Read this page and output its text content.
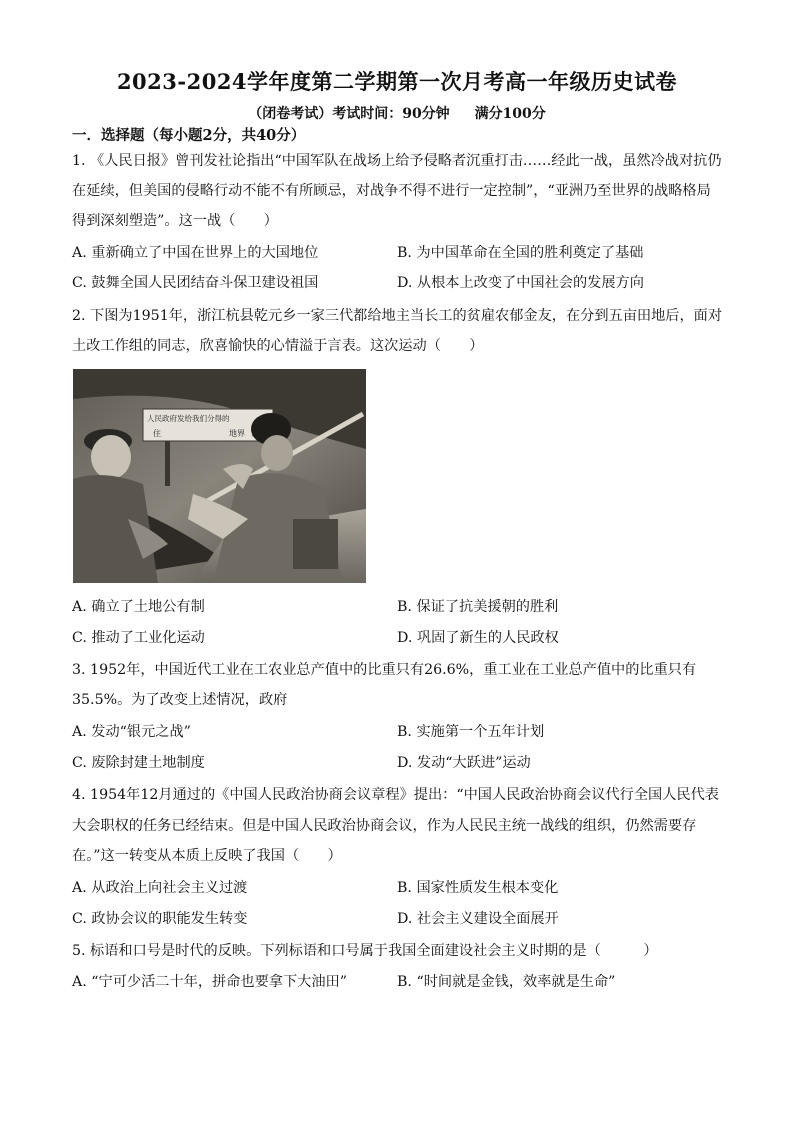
2023-2024学年度第二学期第一次月考高一年级历史试卷
（闭卷考试）考试时间：90分钟 满分100分
一．选择题（每小题2分，共40分）
1. 《人民日报》曾刊发社论指出“中国军队在战场上给予侵略者沉重打击……经此一战，虽然冷战对抗仍
在延续，但美国的侵略行动不能不有所顾忌，对战争不得不进行一定控制”，“亚洲乃至世界的战略格局
得到深刻塑造”。这一战（　　）
A. 重新确立了中国在世界上的大国地位	B. 为中国革命在全国的胜利奠定了基础
C. 鼓舞全国人民团结奋斗保卫建设祖国	D. 从根本上改变了中国社会的发展方向
2. 下图为1951年，浙江杭县乾元乡一家三代都给地主当长工的贫雇农郁金友，在分到五亩田地后，面对
土改工作组的同志，欣喜愉快的心情溢于言表。这次运动（　　）
人民政府发给我们分得的
住	地界
A. 确立了土地公有制	B. 保证了抗美援朝的胜利
C. 推动了工业化运动	D. 巩固了新生的人民政权
3. 1952年，中国近代工业在工农业总产值中的比重只有26.6%，重工业在工业总产值中的比重只有
35.5%。为了改变上述情况，政府
A. 发动“银元之战”	B. 实施第一个五年计划
C. 废除封建土地制度	D. 发动“大跃进”运动
4. 1954年12月通过的《中国人民政治协商会议章程》提出：“中国人民政治协商会议代行全国人民代表
大会职权的任务已经结束。但是中国人民政治协商会议，作为人民民主统一战线的组织，仍然需要存
在。”这一转变从本质上反映了我国（　　）
A. 从政治上向社会主义过渡	B. 国家性质发生根本变化
C. 政协会议的职能发生转变	D. 社会主义建设全面展开
5. 标语和口号是时代的反映。下列标语和口号属于我国全面建设社会主义时期的是（　　　）
A. “宁可少活二十年，拼命也要拿下大油田”	B. “时间就是金钱，效率就是生命”
